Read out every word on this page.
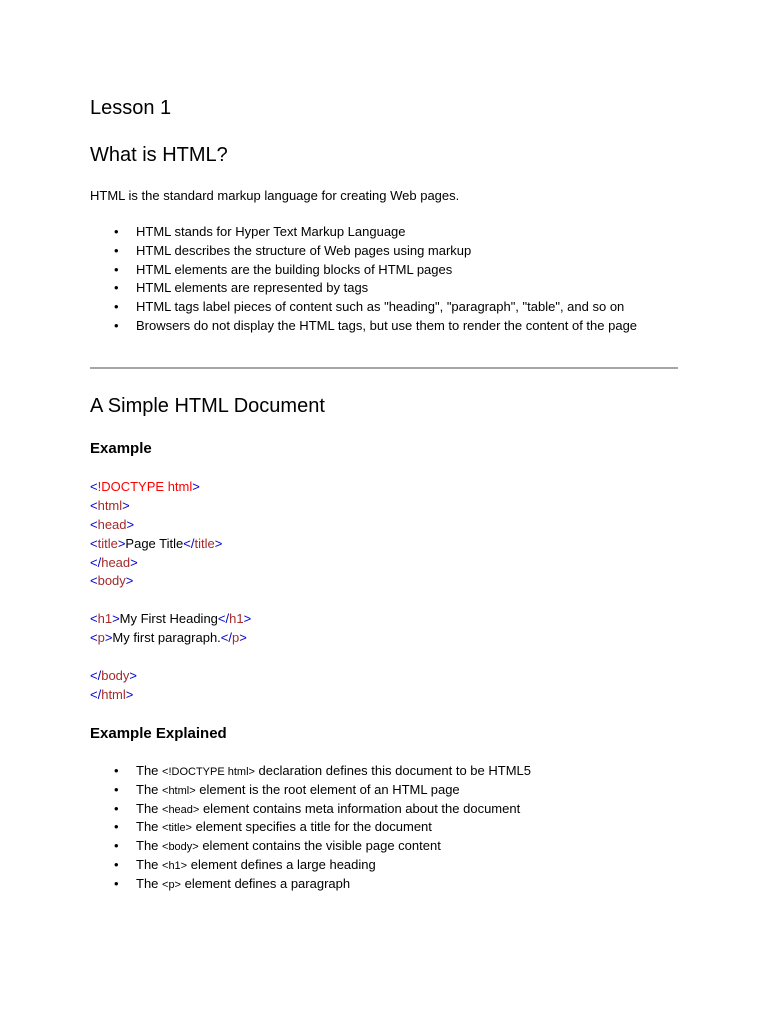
Lesson 1
What is HTML?

HTML is the standard markup language for creating Web pages.

• HTML stands for Hyper Text Markup Language
• HTML describes the structure of Web pages using markup
• HTML elements are the building blocks of HTML pages
• HTML elements are represented by tags
• HTML tags label pieces of content such as "heading", "paragraph", "table", and so on
• Browsers do not display the HTML tags, but use them to render the content of the page
A Simple HTML Document
Example
<!DOCTYPE html>
<html>
<head>
<title>Page Title</title>
</head>
<body>
<h1>My First Heading</h1>
<p>My first paragraph.</p>
</body>
</html>
Example Explained
• The <!DOCTYPE html> declaration defines this document to be HTML5
• The <html> element is the root element of an HTML page
• The <head> element contains meta information about the document
• The <title> element specifies a title for the document
• The <body> element contains the visible page content
• The <h1> element defines a large heading
• The <p> element defines a paragraph
